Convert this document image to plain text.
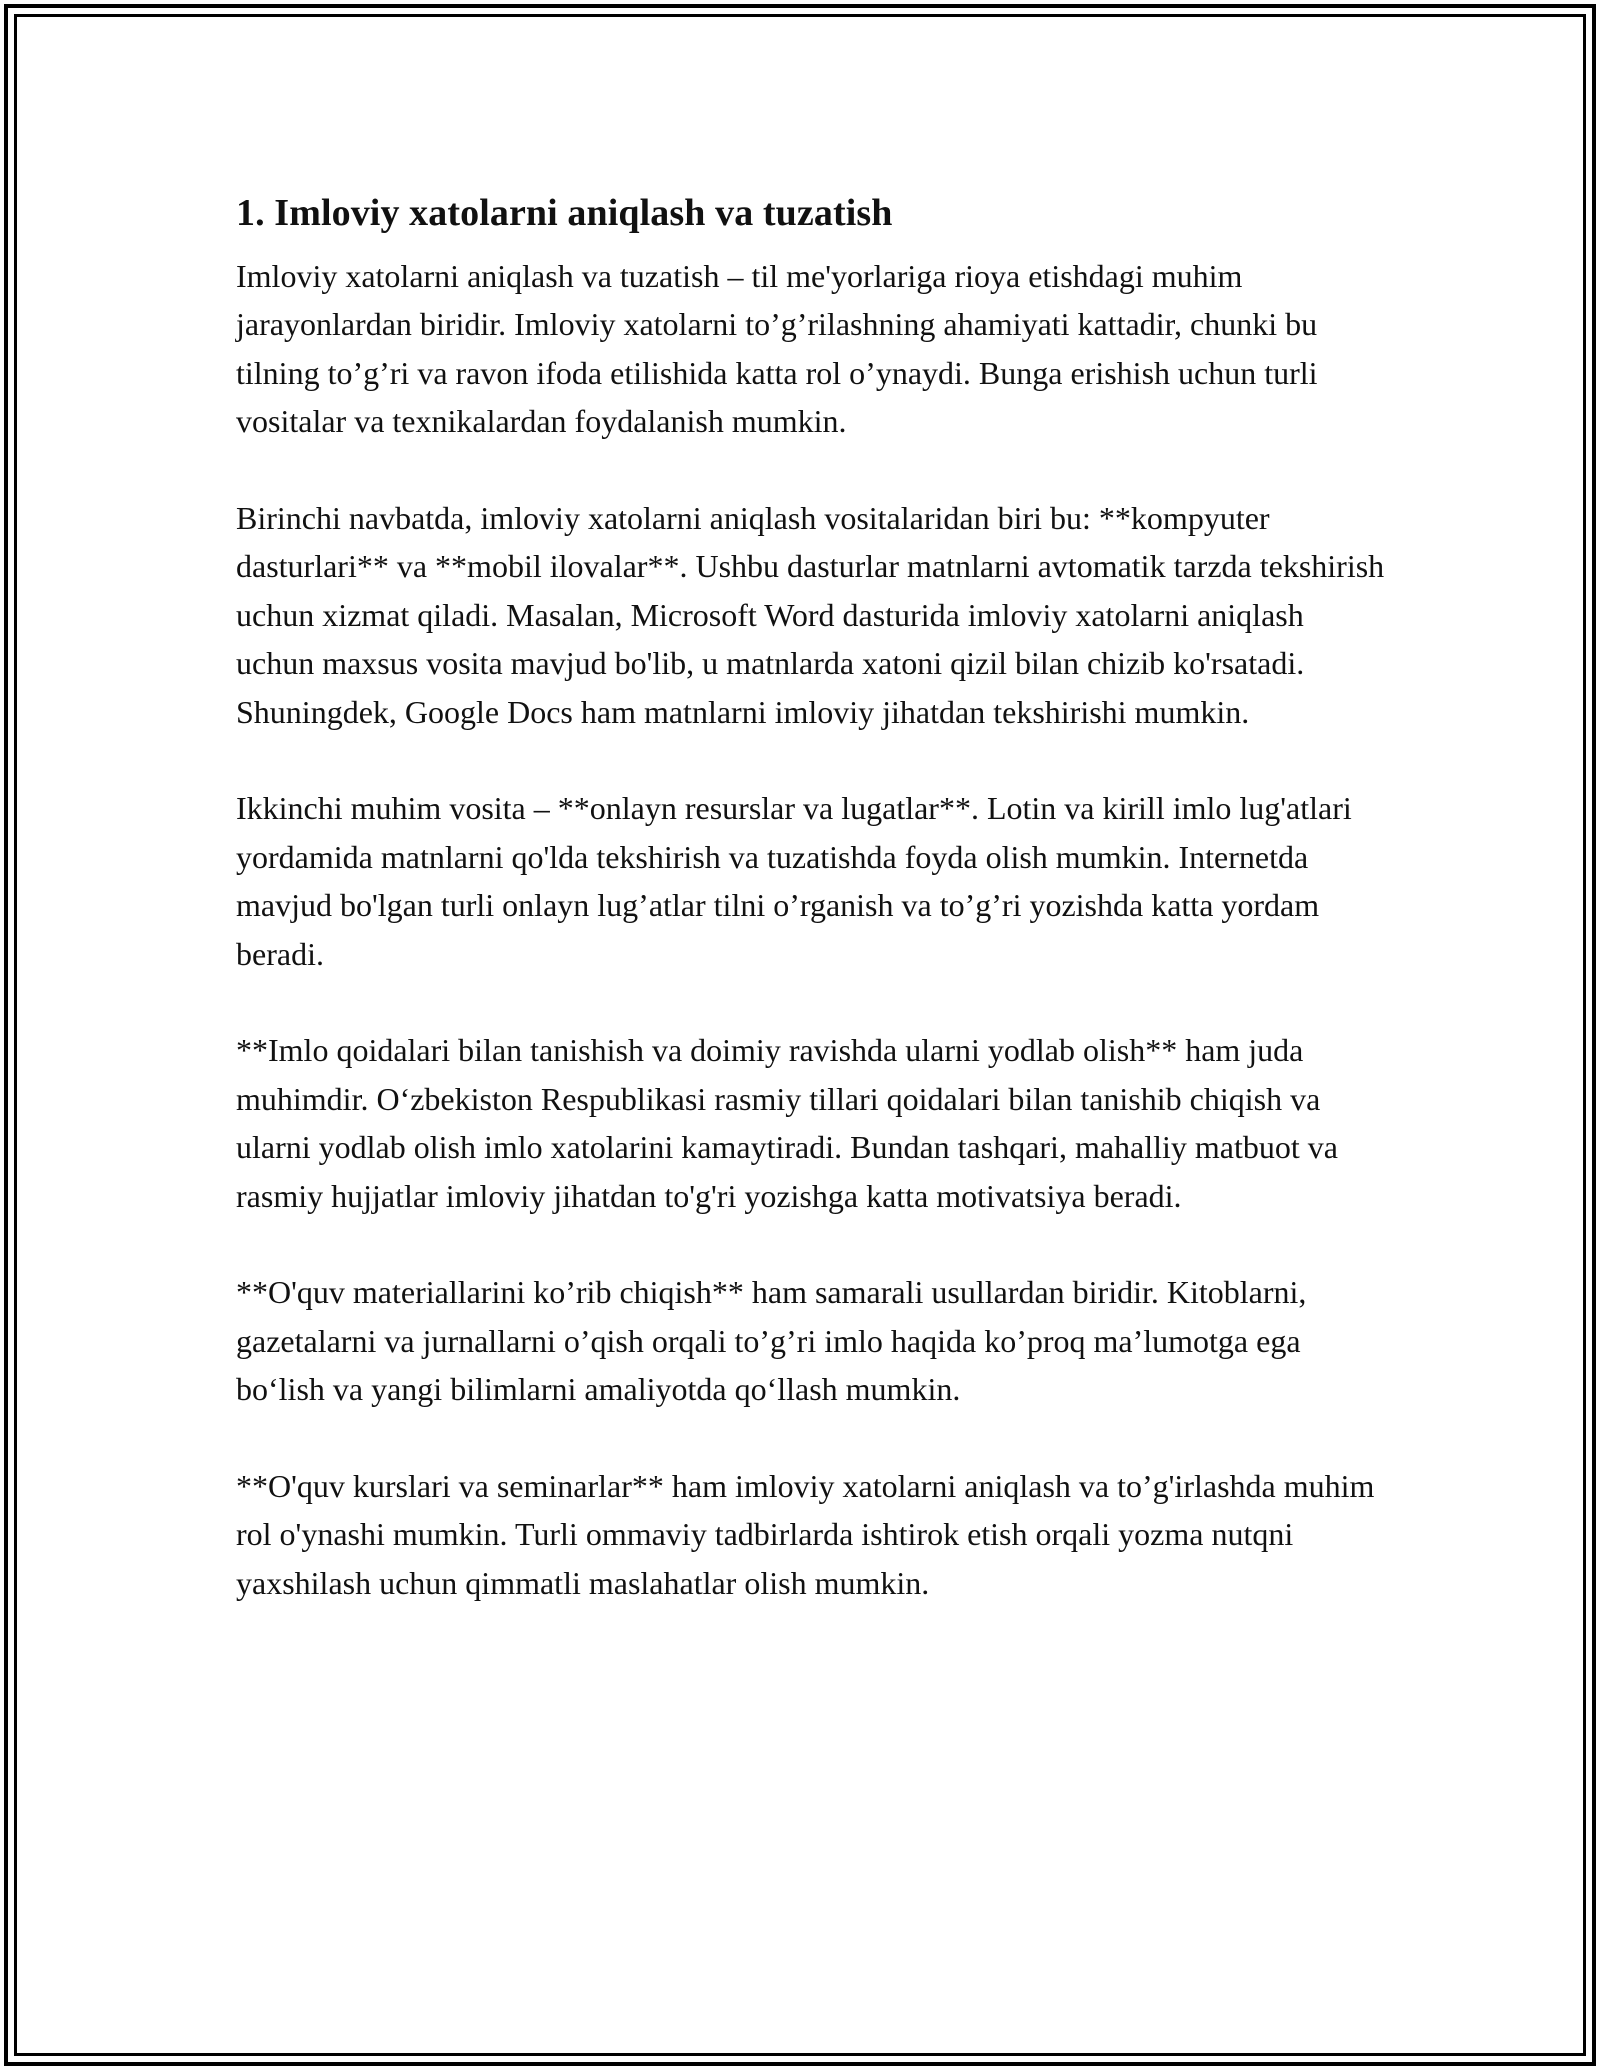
1. Imloviy xatolarni aniqlash va tuzatish

Imloviy xatolarni aniqlash va tuzatish – til me'yorlariga rioya etishdagi muhim jarayonlardan biridir. Imloviy xatolarni to’g’rilashning ahamiyati kattadir, chunki bu tilning to’g’ri va ravon ifoda etilishida katta rol o’ynaydi. Bunga erishish uchun turli vositalar va texnikalardan foydalanish mumkin.

Birinchi navbatda, imloviy xatolarni aniqlash vositalaridan biri bu: **kompyuter dasturlari** va **mobil ilovalar**. Ushbu dasturlar matnlarni avtomatik tarzda tekshirish uchun xizmat qiladi. Masalan, Microsoft Word dasturida imloviy xatolarni aniqlash uchun maxsus vosita mavjud bo'lib, u matnlarda xatoni qizil bilan chizib ko'rsatadi. Shuningdek, Google Docs ham matnlarni imloviy jihatdan tekshirishi mumkin.

Ikkinchi muhim vosita – **onlayn resurslar va lugatlar**. Lotin va kirill imlo lug'atlari yordamida matnlarni qo'lda tekshirish va tuzatishda foyda olish mumkin. Internetda mavjud bo'lgan turli onlayn lug’atlar tilni o’rganish va to’g’ri yozishda katta yordam beradi.

**Imlo qoidalari bilan tanishish va doimiy ravishda ularni yodlab olish** ham juda muhimdir. O‘zbekiston Respublikasi rasmiy tillari qoidalari bilan tanishib chiqish va ularni yodlab olish imlo xatolarini kamaytiradi. Bundan tashqari, mahalliy matbuot va rasmiy hujjatlar imloviy jihatdan to'g'ri yozishga katta motivatsiya beradi.

**O'quv materiallarini ko’rib chiqish** ham samarali usullardan biridir. Kitoblarni, gazetalarni va jurnallarni o’qish orqali to’g’ri imlo haqida ko’proq ma’lumotga ega bo‘lish va yangi bilimlarni amaliyotda qo‘llash mumkin.

**O'quv kurslari va seminarlar** ham imloviy xatolarni aniqlash va to’g'irlashda muhim rol o'ynashi mumkin. Turli ommaviy tadbirlarda ishtirok etish orqali yozma nutqni yaxshilash uchun qimmatli maslahatlar olish mumkin.
